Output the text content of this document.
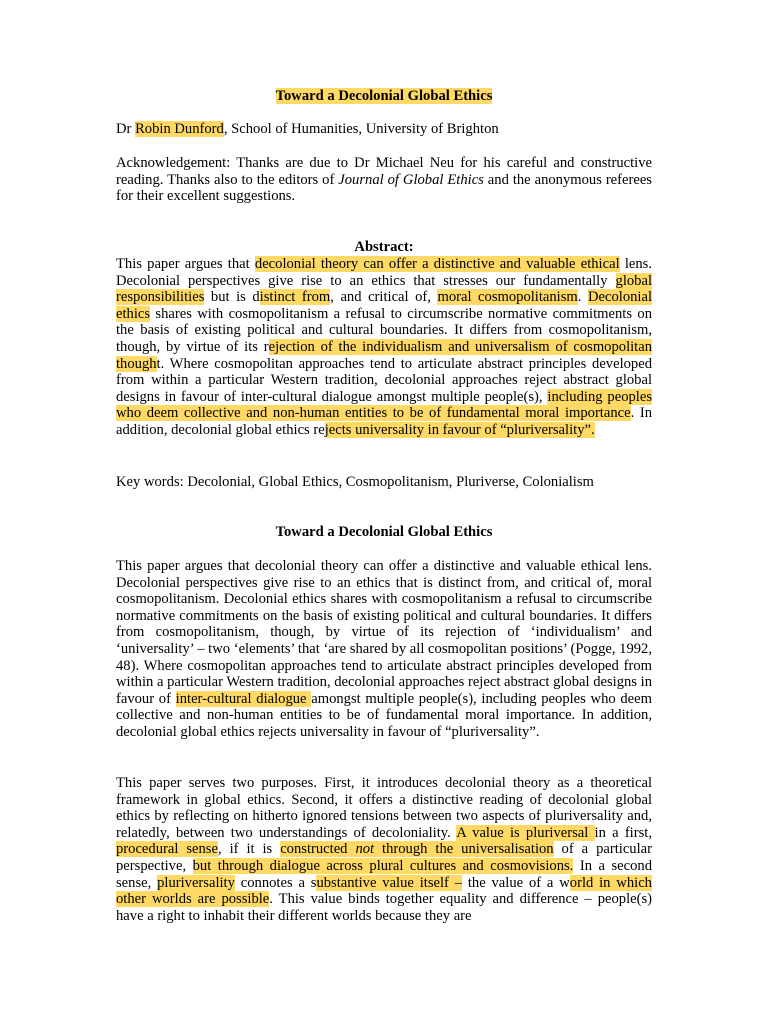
Toward a Decolonial Global Ethics
Dr Robin Dunford, School of Humanities, University of Brighton
Acknowledgement: Thanks are due to Dr Michael Neu for his careful and constructive reading. Thanks also to the editors of Journal of Global Ethics and the anonymous referees for their excellent suggestions.
Abstract:
This paper argues that decolonial theory can offer a distinctive and valuable ethical lens. Decolonial perspectives give rise to an ethics that stresses our fundamentally global responsibilities but is distinct from, and critical of, moral cosmopolitanism. Decolonial ethics shares with cosmopolitanism a refusal to circumscribe normative commitments on the basis of existing political and cultural boundaries. It differs from cosmopolitanism, though, by virtue of its rejection of the individualism and universalism of cosmopolitan thought. Where cosmopolitan approaches tend to articulate abstract principles developed from within a particular Western tradition, decolonial approaches reject abstract global designs in favour of inter-cultural dialogue amongst multiple people(s), including peoples who deem collective and non-human entities to be of fundamental moral importance. In addition, decolonial global ethics rejects universality in favour of “pluriversality”.
Key words: Decolonial, Global Ethics, Cosmopolitanism, Pluriverse, Colonialism
Toward a Decolonial Global Ethics
This paper argues that decolonial theory can offer a distinctive and valuable ethical lens. Decolonial perspectives give rise to an ethics that is distinct from, and critical of, moral cosmopolitanism. Decolonial ethics shares with cosmopolitanism a refusal to circumscribe normative commitments on the basis of existing political and cultural boundaries. It differs from cosmopolitanism, though, by virtue of its rejection of ‘individualism’ and ‘universality’ – two ‘elements’ that ‘are shared by all cosmopolitan positions’ (Pogge, 1992, 48). Where cosmopolitan approaches tend to articulate abstract principles developed from within a particular Western tradition, decolonial approaches reject abstract global designs in favour of inter-cultural dialogue amongst multiple people(s), including peoples who deem collective and non-human entities to be of fundamental moral importance. In addition, decolonial global ethics rejects universality in favour of “pluriversality”.
This paper serves two purposes. First, it introduces decolonial theory as a theoretical framework in global ethics. Second, it offers a distinctive reading of decolonial global ethics by reflecting on hitherto ignored tensions between two aspects of pluriversality and, relatedly, between two understandings of decoloniality. A value is pluriversal in a first, procedural sense, if it is constructed not through the universalisation of a particular perspective, but through dialogue across plural cultures and cosmovisions. In a second sense, pluriversality connotes a substantive value itself – the value of a world in which other worlds are possible. This value binds together equality and difference – people(s) have a right to inhabit their different worlds because they are
